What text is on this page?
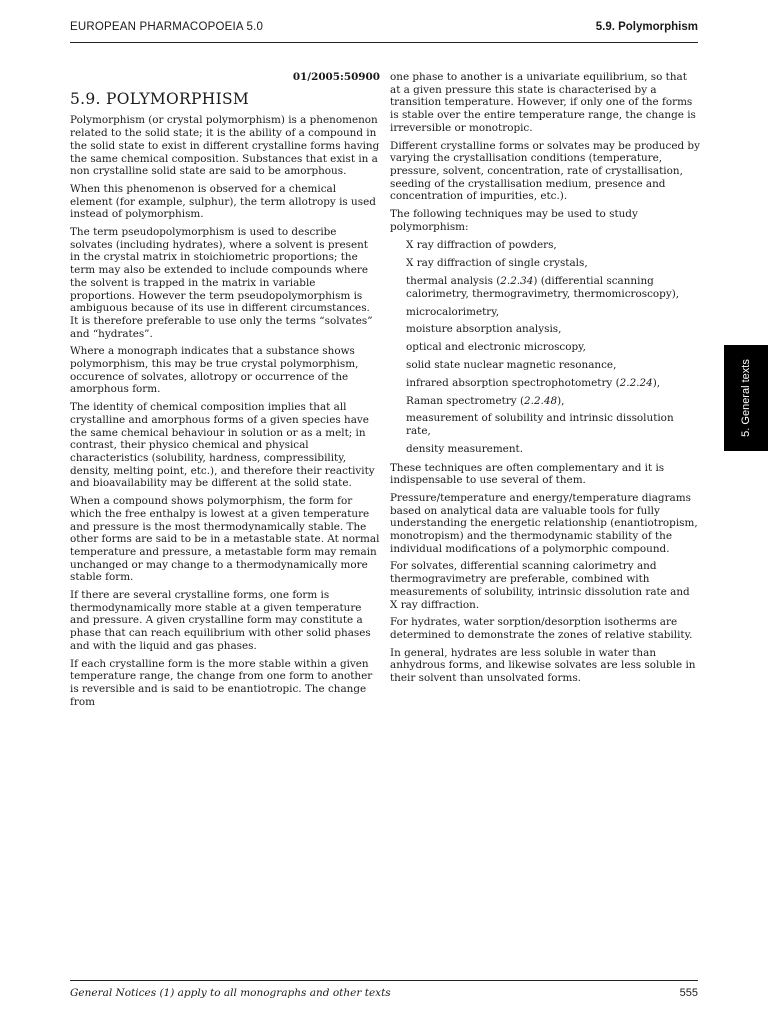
EUROPEAN PHARMACOPOEIA 5.0	5.9. Polymorphism
01/2005:50900
5.9. POLYMORPHISM

Polymorphism (or crystal polymorphism) is a phenomenon related to the solid state; it is the ability of a compound in the solid state to exist in different crystalline forms having the same chemical composition. Substances that exist in a non crystalline solid state are said to be amorphous.

When this phenomenon is observed for a chemical element (for example, sulphur), the term allotropy is used instead of polymorphism.

The term pseudopolymorphism is used to describe solvates (including hydrates), where a solvent is present in the crystal matrix in stoichiometric proportions; the term may also be extended to include compounds where the solvent is trapped in the matrix in variable proportions. However the term pseudopolymorphism is ambiguous because of its use in different circumstances. It is therefore preferable to use only the terms “solvates” and “hydrates”.

Where a monograph indicates that a substance shows polymorphism, this may be true crystal polymorphism, occurence of solvates, allotropy or occurrence of the amorphous form.

The identity of chemical composition implies that all crystalline and amorphous forms of a given species have the same chemical behaviour in solution or as a melt; in contrast, their physico chemical and physical characteristics (solubility, hardness, compressibility, density, melting point, etc.), and therefore their reactivity and bioavailability may be different at the solid state.

When a compound shows polymorphism, the form for which the free enthalpy is lowest at a given temperature and pressure is the most thermodynamically stable. The other forms are said to be in a metastable state. At normal temperature and pressure, a metastable form may remain unchanged or may change to a thermodynamically more stable form.

If there are several crystalline forms, one form is thermodynamically more stable at a given temperature and pressure. A given crystalline form may constitute a phase that can reach equilibrium with other solid phases and with the liquid and gas phases.

If each crystalline form is the more stable within a given temperature range, the change from one form to another is reversible and is said to be enantiotropic. The change from

one phase to another is a univariate equilibrium, so that at a given pressure this state is characterised by a transition temperature. However, if only one of the forms is stable over the entire temperature range, the change is irreversible or monotropic.

Different crystalline forms or solvates may be produced by varying the crystallisation conditions (temperature, pressure, solvent, concentration, rate of crystallisation, seeding of the crystallisation medium, presence and concentration of impurities, etc.).

The following techniques may be used to study polymorphism:

X ray diffraction of powders,
X ray diffraction of single crystals,
thermal analysis (2.2.34) (differential scanning calorimetry, thermogravimetry, thermomicroscopy),
microcalorimetry,
moisture absorption analysis,
optical and electronic microscopy,
solid state nuclear magnetic resonance,
infrared absorption spectrophotometry (2.2.24),
Raman spectrometry (2.2.48),
measurement of solubility and intrinsic dissolution rate,
density measurement.

These techniques are often complementary and it is indispensable to use several of them.

Pressure/temperature and energy/temperature diagrams based on analytical data are valuable tools for fully understanding the energetic relationship (enantiotropism, monotropism) and the thermodynamic stability of the individual modifications of a polymorphic compound.

For solvates, differential scanning calorimetry and thermogravimetry are preferable, combined with measurements of solubility, intrinsic dissolution rate and X ray diffraction.

For hydrates, water sorption/desorption isotherms are determined to demonstrate the zones of relative stability.

In general, hydrates are less soluble in water than anhydrous forms, and likewise solvates are less soluble in their solvent than unsolvated forms.

5. General texts
General Notices (1) apply to all monographs and other texts	555
